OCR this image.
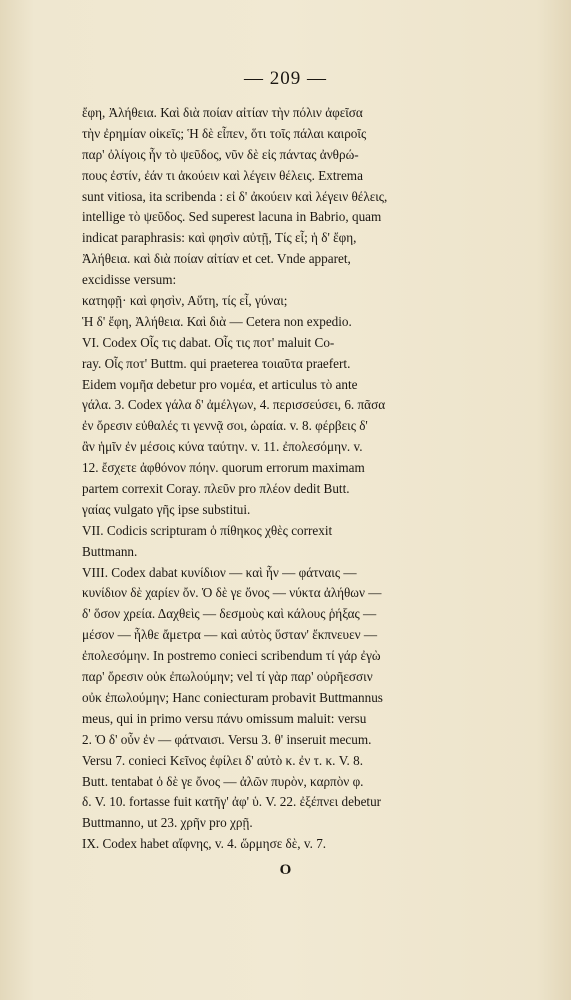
— 209 —
ἔφη, Ἀλήθεια. Καὶ διὰ ποίαν αἰτίαν τὴν πόλιν ἀφεῖσα
τὴν ἐρημίαν οἰκεῖς; Ἡ δὲ εἶπεν, ὅτι τοῖς πάλαι καιροῖς
παρ' ὀλίγοις ἦν τὸ ψεῦδος, νῦν δὲ εἰς πάντας ἀνθρώ-
πους ἐστίν, ἐάν τι ἀκούειν καὶ λέγειν θέλεις. Extrema
sunt vitiosa, ita scribenda : εἰ δ' ἀκούειν καὶ λέγειν θέλεις,
intellige τὸ ψεῦδος. Sed superest lacuna in Babrio, quam
indicat paraphrasis: καὶ φησὶν αὐτῇ, Τίς εἶ; ἡ δ' ἔφη,
Ἀλήθεια. καὶ διὰ ποίαν αἰτίαν et cet. Vnde apparet,
excidisse versum:
κατηφῇ· καὶ φησὶν, Αὕτη, τίς εἶ, γύναι;
Ἡ δ' ἔφη, Ἀλήθεια. Καὶ διὰ — Cetera non expedio.
VI. Codex Οἷς τις dabat. Οἷς τις ποτ' maluit Co-
ray. Οἷς ποτ' Buttm. qui praeterea τοιαῦτα praefert.
Eidem νομῆα debetur pro νομέα, et articulus τὸ ante
γάλα. 3. Codex γάλα δ' ἀμέλγων, 4. περισσεύσει, 6. πᾶσα
ἐν ὄρεσιν εὐθαλές τι γεννᾷ σοι, ὡραία. v. 8. φέρβεις δ'
ἂν ἡμῖν ἐν μέσοις κύνα ταύτην. v. 11. ἐπολεσόμην. v.
12. ἔσχετε ἀφθόνον πόην. quorum errorum maximam
partem correxit Coray. πλεῦν pro πλέον dedit Butt.
γαίας vulgato γῆς ipse substitui.
VII. Codicis scripturam ὁ πίθηκος χθὲς correxit
Buttmann.
VIII. Codex dabat κυνίδιον — καὶ ἦν — φάτναις —
κυνίδιον δὲ χαρίεν ὄν. Ὁ δὲ γε ὄνος — νύκτα ἀλήθων —
δ' ὅσον χρεία. Δαχθεὶς — δεσμοὺς καὶ κάλους ῥήξας —
μέσον — ἦλθε ἄμετρα — καὶ αὐτὸς ὕσταν' ἔκπνευεν —
ἐπολεσόμην. In postremo conieci scribendum τί γάρ ἐγὼ
παρ' ὄρεσιν οὐκ ἐπωλούμην; vel τί γὰρ παρ' οὐρῆεσσιν
οὐκ ἐπωλούμην; Hanc coniecturam probavit Buttmannus
meus, qui in primo versu πάνυ omissum maluit: versu
2. Ὁ δ' οὖν ἐν — φάτναισι. Versu 3. θ' inseruit mecum.
Versu 7. conieci Κεῖνος ἐφίλει δ' αὐτὸ κ. ἐν τ. κ. V. 8.
Butt. tentabat ὁ δὲ γε ὄνος — ἀλῶν πυρὸν, καρπὸν φ.
δ. V. 10. fortasse fuit κατῆγ' ἀφ' ὑ. V. 22. ἐξέπνει debetur
Buttmanno, ut 23. χρῆν pro χρῇ.
IX. Codex habet αἴφνης, v. 4. ὥρμησε δὲ, v. 7.
O
